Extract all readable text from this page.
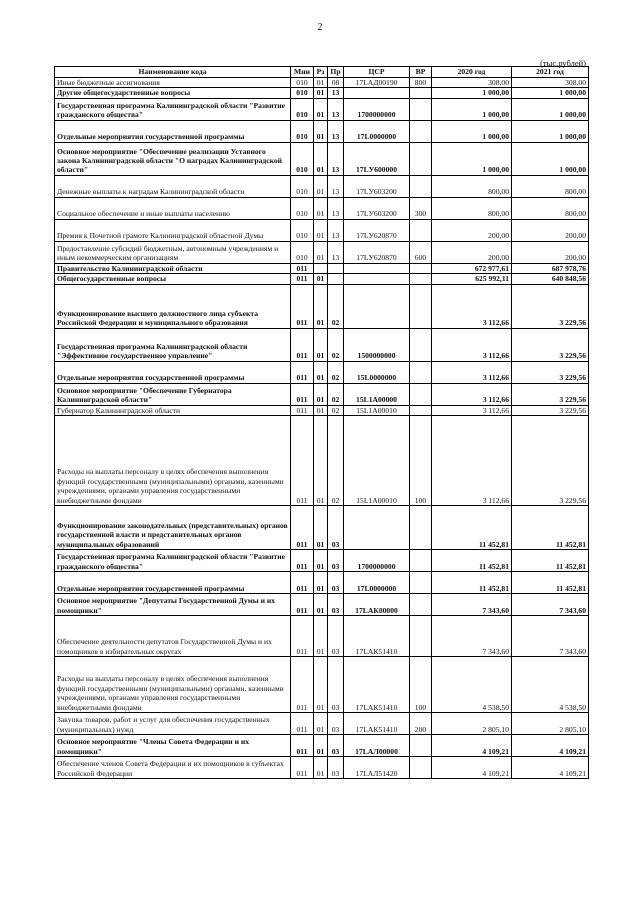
2
(тыс.рублей)
Наименование кода	Мин	Рз	Пр	ЦСР	ВР	2020 год	2021 год
Иные бюджетные ассигнования	010	01	08	17LАД00190	800	308,00	308,00
Другие общегосударственные вопросы	010	01	13			1 000,00	1 000,00
Государственная программа Калининградской области "Развитие гражданского общества"	010	01	13	1700000000		1 000,00	1 000,00
Отдельные мероприятия государственной программы	010	01	13	17L0000000		1 000,00	1 000,00
Основное мероприятие "Обеспечение реализации Уставного закона Калининградской области "О наградах Калининградской области"	010	01	13	17LУ600000		1 000,00	1 000,00
Денежные выплаты к наградам Калининградской области	010	01	13	17LУ603200		800,00	800,00
Социальное обеспечение и иные выплаты населению	010	01	13	17LУ603200	300	800,00	800,00
Премия к Почетной грамоте Калининградской областной Думы	010	01	13	17LУ620870		200,00	200,00
Предоставление субсидий бюджетным, автономным учреждениям и иным некоммерческим организациям	010	01	13	17LУ620870	600	200,00	200,00
Правительство Калининградской области	011					672 977,61	687 978,76
Общегосударственные вопросы	011	01				625 992,11	640 848,56
Функционирование высшего должностного лица субъекта Российской Федерации и муниципального образования	011	01	02			3 112,66	3 229,56
Государственная программа Калининградской области "Эффективное государственное управление"	011	01	02	1500000000		3 112,66	3 229,56
Отдельные мероприятия государственной программы	011	01	02	15L0000000		3 112,66	3 229,56
Основное мероприятие "Обеспечение Губернатора Калининградской области"	011	01	02	15L1A00000		3 112,66	3 229,56
Губернатор Калининградской области	011	01	02	15L1A00010		3 112,66	3 229,56
Расходы на выплаты персоналу в целях обеспечения выполнения функций государственными (муниципальными) органами, казенными учреждениями, органами управления государственными внебюджетными фондами	011	01	02	15L1A00010	100	3 112,66	3 229,56
Функционирование законодательных (представительных) органов государственной власти и представительных органов муниципальных образований	011	01	03			11 452,81	11 452,81
Государственная программа Калининградской области "Развитие гражданского общества"	011	01	03	1700000000		11 452,81	11 452,81
Отдельные мероприятия государственной программы	011	01	03	17L0000000		11 452,81	11 452,81
Основное мероприятие "Депутаты Государственной Думы и их помощники"	011	01	03	17LАК00000		7 343,60	7 343,60
Обеспечение деятельности депутатов Государственной Думы и их помощников в избирательных округах	011	01	03	17LАК51410		7 343,60	7 343,60
Расходы на выплаты персоналу в целях обеспечения выполнения функций государственными (муниципальными) органами, казенными учреждениями, органами управления государственными внебюджетными фондами	011	01	03	17LАК51410	100	4 538,50	4 538,50
Закупка товаров, работ и услуг для обеспечения государственных (муниципальных) нужд	011	01	03	17LАК51410	200	2 805,10	2 805,10
Основное мероприятие "Члены Совета Федерации и их помощники"	011	01	03	17LАЛ00000		4 109,21	4 109,21
Обеспечение членов Совета Федерации и их помощников в субъектах Российской Федерации	011	01	03	17LАЛ51420		4 109,21	4 109,21
